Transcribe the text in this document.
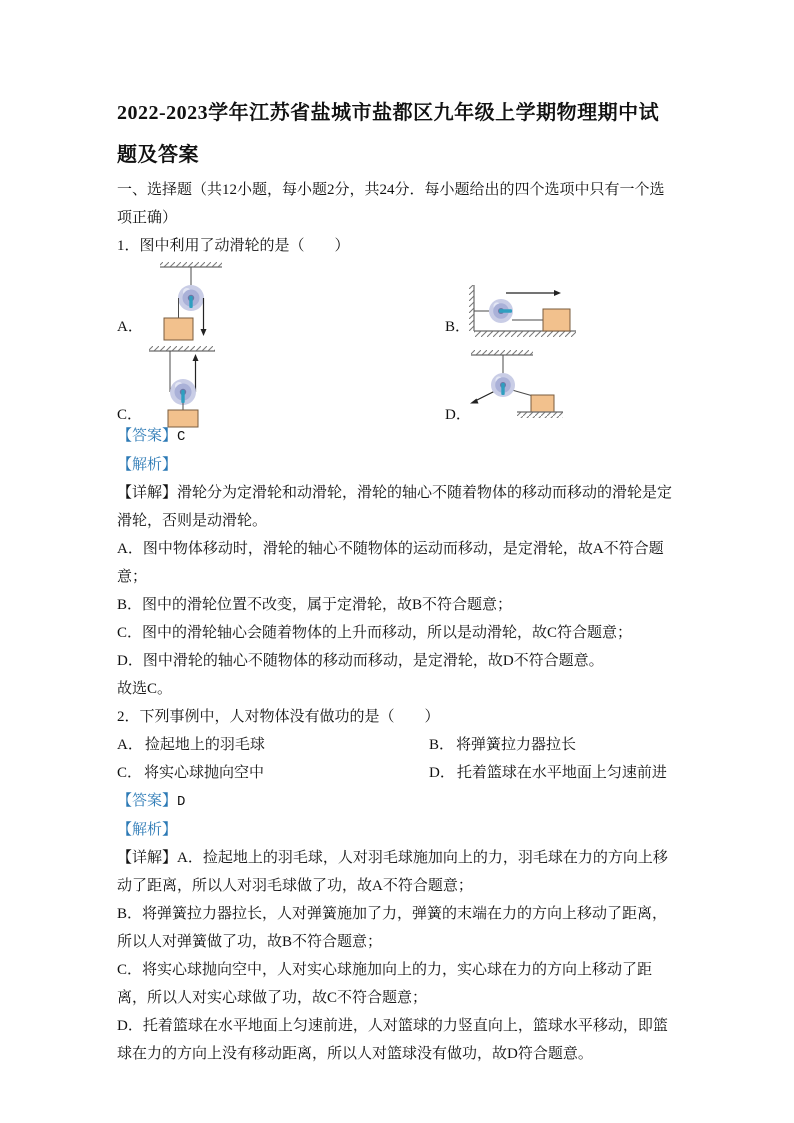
2022-2023学年江苏省盐城市盐都区九年级上学期物理期中试题及答案

一、选择题（共12小题，每小题2分，共24分．每小题给出的四个选项中只有一个选项正确）

1．图中利用了动滑轮的是（　　）

A．	B．
C．	D．

【答案】C

【解析】

【详解】滑轮分为定滑轮和动滑轮，滑轮的轴心不随着物体的移动而移动的滑轮是定滑轮，否则是动滑轮。

A．图中物体移动时，滑轮的轴心不随物体的运动而移动，是定滑轮，故A不符合题意；

B．图中的滑轮位置不改变，属于定滑轮，故B不符合题意；

C．图中的滑轮轴心会随着物体的上升而移动，所以是动滑轮，故C符合题意；

D．图中滑轮的轴心不随物体的移动而移动，是定滑轮，故D不符合题意。

故选C。

2．下列事例中，人对物体没有做功的是（　　）

A． 捡起地上的羽毛球	B． 将弹簧拉力器拉长
C． 将实心球抛向空中	D． 托着篮球在水平地面上匀速前进

【答案】D

【解析】

【详解】A．捡起地上的羽毛球，人对羽毛球施加向上的力，羽毛球在力的方向上移动了距离，所以人对羽毛球做了功，故A不符合题意；

B．将弹簧拉力器拉长，人对弹簧施加了力，弹簧的末端在力的方向上移动了距离，所以人对弹簧做了功，故B不符合题意；

C．将实心球抛向空中，人对实心球施加向上的力，实心球在力的方向上移动了距离，所以人对实心球做了功，故C不符合题意；

D．托着篮球在水平地面上匀速前进，人对篮球的力竖直向上，篮球水平移动，即篮球在力的方向上没有移动距离，所以人对篮球没有做功，故D符合题意。
